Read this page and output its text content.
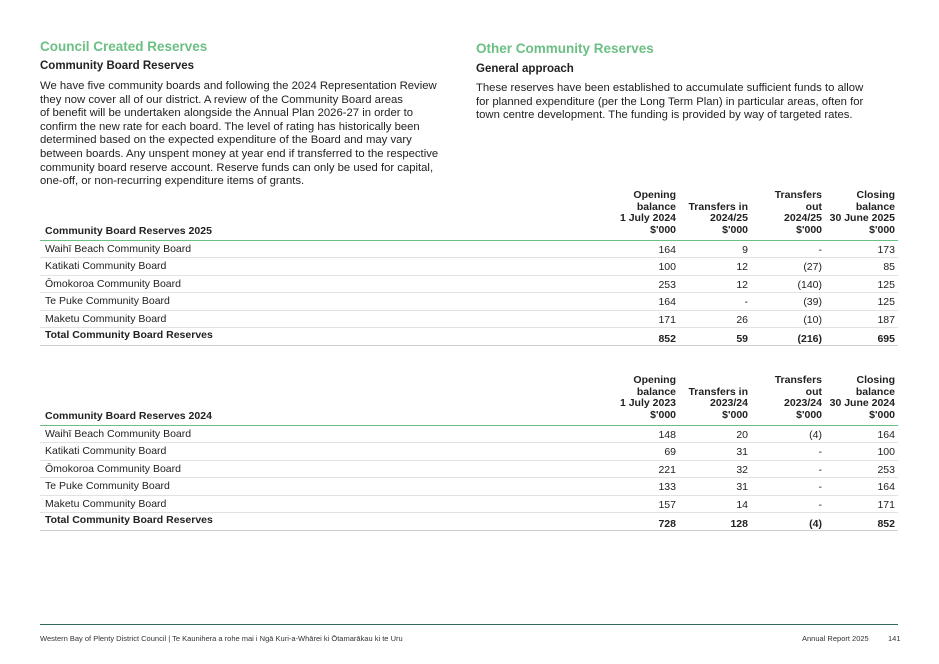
Council Created Reserves
Community Board Reserves
We have five community boards and following the 2024 Representation Review
they now cover all of our district. A review of the Community Board areas
of benefit will be undertaken alongside the Annual Plan 2026-27 in order to
confirm the new rate for each board. The level of rating has historically been
determined based on the expected expenditure of the Board and may vary
between boards. Any unspent money at year end if transferred to the respective
community board reserve account. Reserve funds can only be used for capital,
one-off, or non-recurring expenditure items of grants.
Other Community Reserves
General approach
These reserves have been established to accumulate sufficient funds to allow
for planned expenditure (per the Long Term Plan) in particular areas, often for
town centre development. The funding is provided by way of targeted rates.
Community Board Reserves 2025
Opening
balance
1 July 2024
$'000
Transfers in
2024/25
$'000
Transfers
out
2024/25
$'000
Closing
balance
30 June 2025
$'000
Waihī Beach Community Board	164	9	-	173
Katikati Community Board	100	12	(27)	85
Ōmokoroa Community Board	253	12	(140)	125
Te Puke Community Board	164	-	(39)	125
Maketu Community Board	171	26	(10)	187
Total Community Board Reserves	852	59	(216)	695
Community Board Reserves 2024
Opening
balance
1 July 2023
$'000
Transfers in
2023/24
$'000
Transfers
out
2023/24
$'000
Closing
balance
30 June 2024
$'000
Waihī Beach Community Board	148	20	(4)	164
Katikati Community Board	69	31	-	100
Ōmokoroa Community Board	221	32	-	253
Te Puke Community Board	133	31	-	164
Maketu Community Board	157	14	-	171
Total Community Board Reserves	728	128	(4)	852
Western Bay of Plenty District Council | Te Kaunihera a rohe mai i Ngā Kuri-a-Whārei ki Ōtamarākau ki te Uru	Annual Report 2025	141
